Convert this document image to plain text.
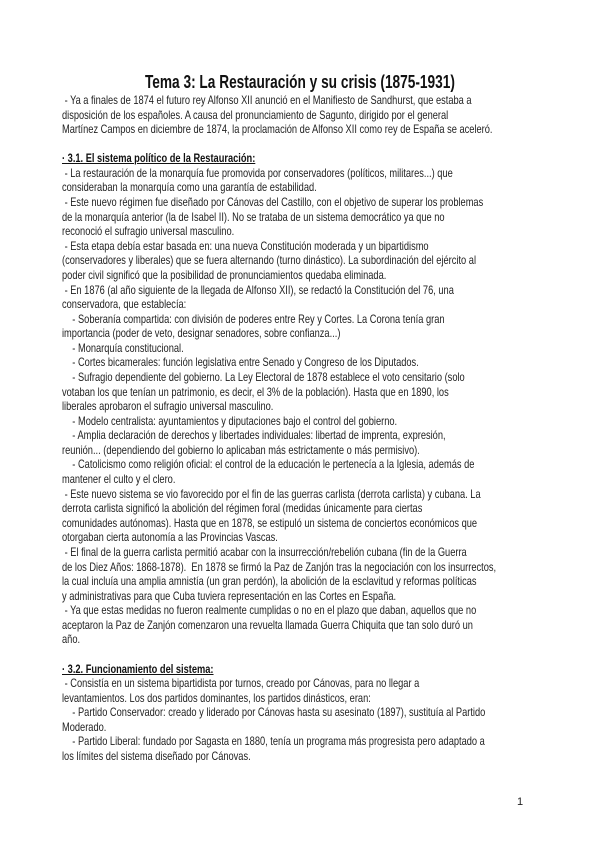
Tema 3: La Restauración y su crisis (1875-1931)
- Ya a finales de 1874 el futuro rey Alfonso XII anunció en el Manifiesto de Sandhurst, que estaba a
disposición de los españoles. A causa del pronunciamiento de Sagunto, dirigido por el general
Martínez Campos en diciembre de 1874, la proclamación de Alfonso XII como rey de España se aceleró.
· 3.1. El sistema político de la Restauración:
- La restauración de la monarquía fue promovida por conservadores (políticos, militares...) que
consideraban la monarquía como una garantía de estabilidad.
- Este nuevo régimen fue diseñado por Cánovas del Castillo, con el objetivo de superar los problemas
de la monarquía anterior (la de Isabel II). No se trataba de un sistema democrático ya que no
reconoció el sufragio universal masculino.
- Esta etapa debía estar basada en: una nueva Constitución moderada y un bipartidismo
(conservadores y liberales) que se fuera alternando (turno dinástico). La subordinación del ejército al
poder civil significó que la posibilidad de pronunciamientos quedaba eliminada.
- En 1876 (al año siguiente de la llegada de Alfonso XII), se redactó la Constitución del 76, una
conservadora, que establecía:
- Soberanía compartida: con división de poderes entre Rey y Cortes. La Corona tenía gran
importancia (poder de veto, designar senadores, sobre confianza...)
- Monarquía constitucional.
- Cortes bicamerales: función legislativa entre Senado y Congreso de los Diputados.
- Sufragio dependiente del gobierno. La Ley Electoral de 1878 establece el voto censitario (solo
votaban los que tenían un patrimonio, es decir, el 3% de la población). Hasta que en 1890, los
liberales aprobaron el sufragio universal masculino.
- Modelo centralista: ayuntamientos y diputaciones bajo el control del gobierno.
- Amplia declaración de derechos y libertades individuales: libertad de imprenta, expresión,
reunión... (dependiendo del gobierno lo aplicaban más estrictamente o más permisivo).
- Catolicismo como religión oficial: el control de la educación le pertenecía a la Iglesia, además de
mantener el culto y el clero.
- Este nuevo sistema se vio favorecido por el fin de las guerras carlista (derrota carlista) y cubana. La
derrota carlista significó la abolición del régimen foral (medidas únicamente para ciertas
comunidades autónomas). Hasta que en 1878, se estipuló un sistema de conciertos económicos que
otorgaban cierta autonomía a las Provincias Vascas.
- El final de la guerra carlista permitió acabar con la insurrección/rebelión cubana (fin de la Guerra
de los Diez Años: 1868-1878).  En 1878 se firmó la Paz de Zanjón tras la negociación con los insurrectos,
la cual incluía una amplia amnistía (un gran perdón), la abolición de la esclavitud y reformas políticas
y administrativas para que Cuba tuviera representación en las Cortes en España.
- Ya que estas medidas no fueron realmente cumplidas o no en el plazo que daban, aquellos que no
aceptaron la Paz de Zanjón comenzaron una revuelta llamada Guerra Chiquita que tan solo duró un
año.
· 3.2. Funcionamiento del sistema:
- Consistía en un sistema bipartidista por turnos, creado por Cánovas, para no llegar a
levantamientos. Los dos partidos dominantes, los partidos dinásticos, eran:
- Partido Conservador: creado y liderado por Cánovas hasta su asesinato (1897), sustituía al Partido
Moderado.
- Partido Liberal: fundado por Sagasta en 1880, tenía un programa más progresista pero adaptado a
los límites del sistema diseñado por Cánovas.
1
